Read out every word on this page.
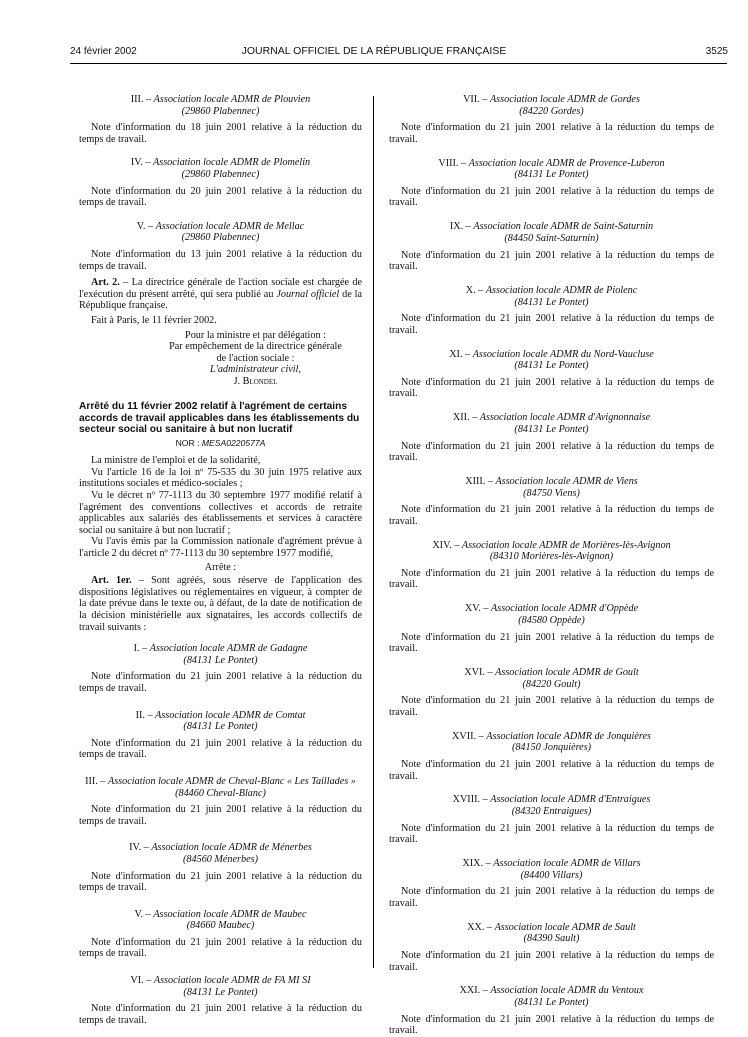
24 février 2002	JOURNAL OFFICIEL DE LA RÉPUBLIQUE FRANÇAISE	3525
III. – Association locale ADMR de Plouvien
(29860 Plabennec)
Note d'information du 18 juin 2001 relative à la réduction du temps de travail.
IV. – Association locale ADMR de Plomelin
(29860 Plabennec)
Note d'information du 20 juin 2001 relative à la réduction du temps de travail.
V. – Association locale ADMR de Mellac
(29860 Plabennec)
Note d'information du 13 juin 2001 relative à la réduction du temps de travail.

Art. 2. – La directrice générale de l'action sociale est chargée de l'exécution du présent arrêté, qui sera publié au Journal officiel de la République française.

Fait à Paris, le 11 février 2002.

Pour la ministre et par délégation :
Par empêchement de la directrice générale
de l'action sociale :
L'administrateur civil,
J. Blondel
Arrêté du 11 février 2002 relatif à l'agrément de certains accords de travail applicables dans les établissements du secteur social ou sanitaire à but non lucratif
NOR : MESA0220577A

La ministre de l'emploi et de la solidarité,

Vu l'article 16 de la loi nº 75-535 du 30 juin 1975 relative aux institutions sociales et médico-sociales ;

Vu le décret nº 77-1113 du 30 septembre 1977 modifié relatif à l'agrément des conventions collectives et accords de retraite applicables aux salariés des établissements et services à caractère social ou sanitaire à but non lucratif ;

Vu l'avis émis par la Commission nationale d'agrément prévue à l'article 2 du décret nº 77-1113 du 30 septembre 1977 modifié,

Arrête :

Art. 1er. – Sont agréés, sous réserve de l'application des dispositions législatives ou réglementaires en vigueur, à compter de la date prévue dans le texte ou, à défaut, de la date de notification de la décision ministérielle aux signataires, les accords collectifs de travail suivants :

I. – Association locale ADMR de Gadagne
(84131 Le Pontet)
Note d'information du 21 juin 2001 relative à la réduction du temps de travail.
II. – Association locale ADMR de Comtat
(84131 Le Pontet)
Note d'information du 21 juin 2001 relative à la réduction du temps de travail.
III. – Association locale ADMR de Cheval-Blanc « Les Taillades »
(84460 Cheval-Blanc)
Note d'information du 21 juin 2001 relative à la réduction du temps de travail.
IV. – Association locale ADMR de Ménerbes
(84560 Ménerbes)
Note d'information du 21 juin 2001 relative à la réduction du temps de travail.
V. – Association locale ADMR de Maubec
(84660 Maubec)
Note d'information du 21 juin 2001 relative à la réduction du temps de travail.
VI. – Association locale ADMR de FA MI SI
(84131 Le Pontet)
Note d'information du 21 juin 2001 relative à la réduction du temps de travail.
VII. – Association locale ADMR de Gordes
(84220 Gordes)
Note d'information du 21 juin 2001 relative à la réduction du temps de travail.
VIII. – Association locale ADMR de Provence-Luberon
(84131 Le Pontet)
Note d'information du 21 juin 2001 relative à la réduction du temps de travail.
IX. – Association locale ADMR de Saint-Saturnin
(84450 Saint-Saturnin)
Note d'information du 21 juin 2001 relative à la réduction du temps de travail.
X. – Association locale ADMR de Piolenc
(84131 Le Pontet)
Note d'information du 21 juin 2001 relative à la réduction du temps de travail.
XI. – Association locale ADMR du Nord-Vaucluse
(84131 Le Pontet)
Note d'information du 21 juin 2001 relative à la réduction du temps de travail.
XII. – Association locale ADMR d'Avignonnaise
(84131 Le Pontet)
Note d'information du 21 juin 2001 relative à la réduction du temps de travail.
XIII. – Association locale ADMR de Viens
(84750 Viens)
Note d'information du 21 juin 2001 relative à la réduction du temps de travail.
XIV. – Association locale ADMR de Morières-lès-Avignon
(84310 Morières-lès-Avignon)
Note d'information du 21 juin 2001 relative à la réduction du temps de travail.
XV. – Association locale ADMR d'Oppède
(84580 Oppède)
Note d'information du 21 juin 2001 relative à la réduction du temps de travail.
XVI. – Association locale ADMR de Goult
(84220 Goult)
Note d'information du 21 juin 2001 relative à la réduction du temps de travail.
XVII. – Association locale ADMR de Jonquières
(84150 Jonquières)
Note d'information du 21 juin 2001 relative à la réduction du temps de travail.
XVIII. – Association locale ADMR d'Entraigues
(84320 Entraigues)
Note d'information du 21 juin 2001 relative à la réduction du temps de travail.
XIX. – Association locale ADMR de Villars
(84400 Villars)
Note d'information du 21 juin 2001 relative à la réduction du temps de travail.
XX. – Association locale ADMR de Sault
(84390 Sault)
Note d'information du 21 juin 2001 relative à la réduction du temps de travail.
XXI. – Association locale ADMR du Ventoux
(84131 Le Pontet)
Note d'information du 21 juin 2001 relative à la réduction du temps de travail.
